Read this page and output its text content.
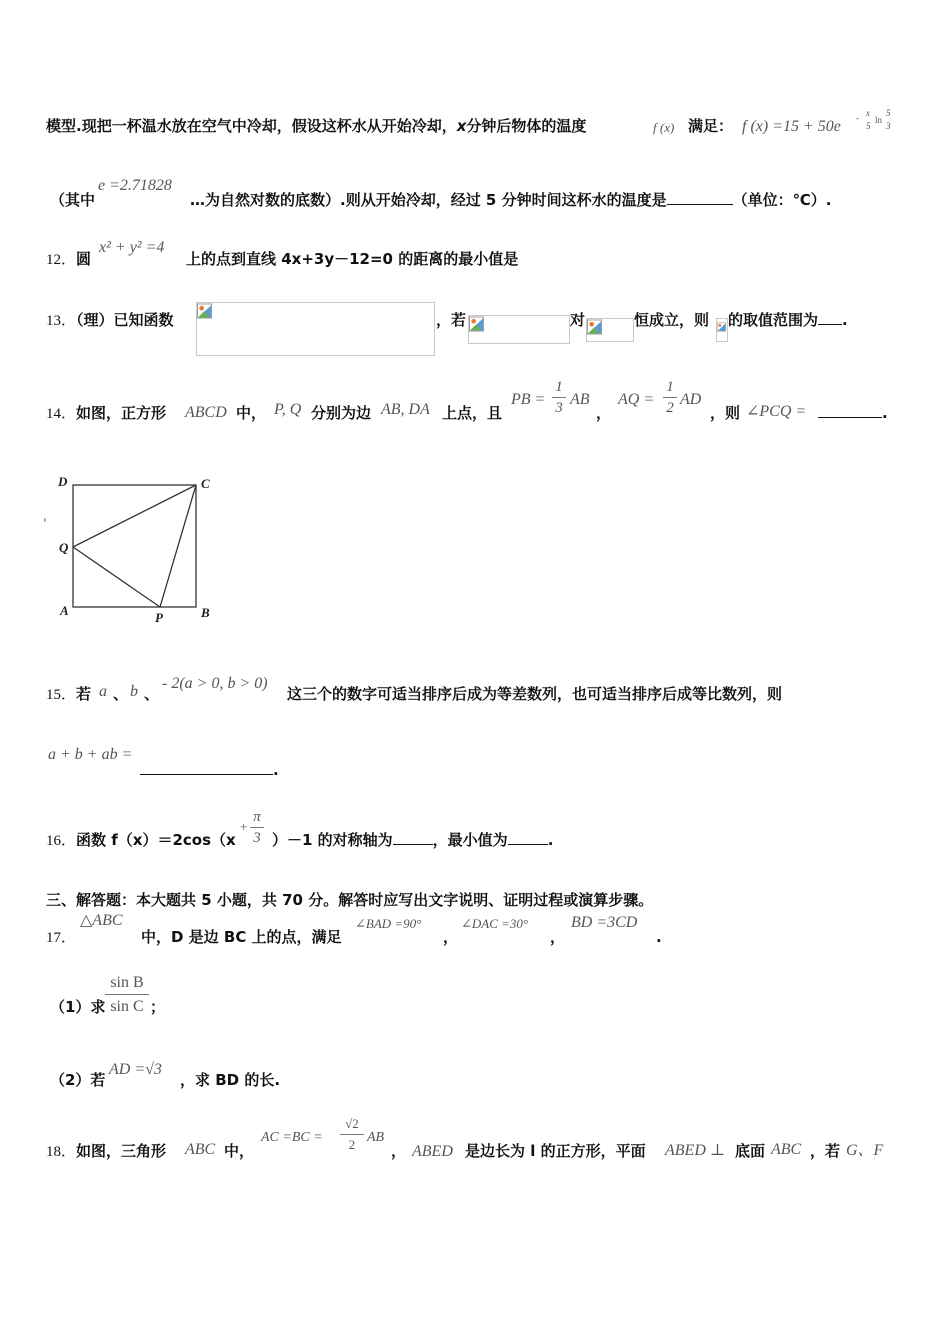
模型.现把一杯温水放在空气中冷却，假设这杯水从开始冷却，x分钟后物体的温度	f (x) 满足： f (x) =15 + 50e - x
5
ln
5
3
（其中
e =2.71828
…为自然对数的底数）.则从开始冷却，经过 5 分钟时间这杯水的温度是	（单位：℃）.
12．圆
x² + y² =4
上的点到直线 4x+3y－12=0 的距离的最小值是
13．（理）已知函数	，若	对	恒成立，则 的取值范围为 .
14．如图，正方形 ABCD 中， P, Q 分别为边 AB, DA 上点，且
PB =
1
3 AB
，
AQ =
1
2 AD
，则 ∠PCQ =	.
D	C
Q
A	P	B
15．若 a 、 b 、
- 2(a > 0, b > 0)
这三个的数字可适当排序后成为等差数列，也可适当排序后成等比数列，则
a + b + ab =
.
16．函数 f（x）＝2cos（x
+
π
3 ）－1 的对称轴为	，最小值为	.
三、解答题：本大题共 5 小题，共 70 分。解答时应写出文字说明、证明过程或演算步骤。
17．
△ABC
中，D 是边 BC 上的点，满足
∠BAD =90°
，
∠DAC =30°
，
BD =3CD
.
（1）求
sin B
sin C ；
（2）若
AD =√3
，求 BD 的长.
18．如图，三角形 ABC 中，
AC =BC =
√2
2 AB
， ABED 是边长为 l 的正方形，平面 ABED ⊥ 底面 ABC ，若 G、F
